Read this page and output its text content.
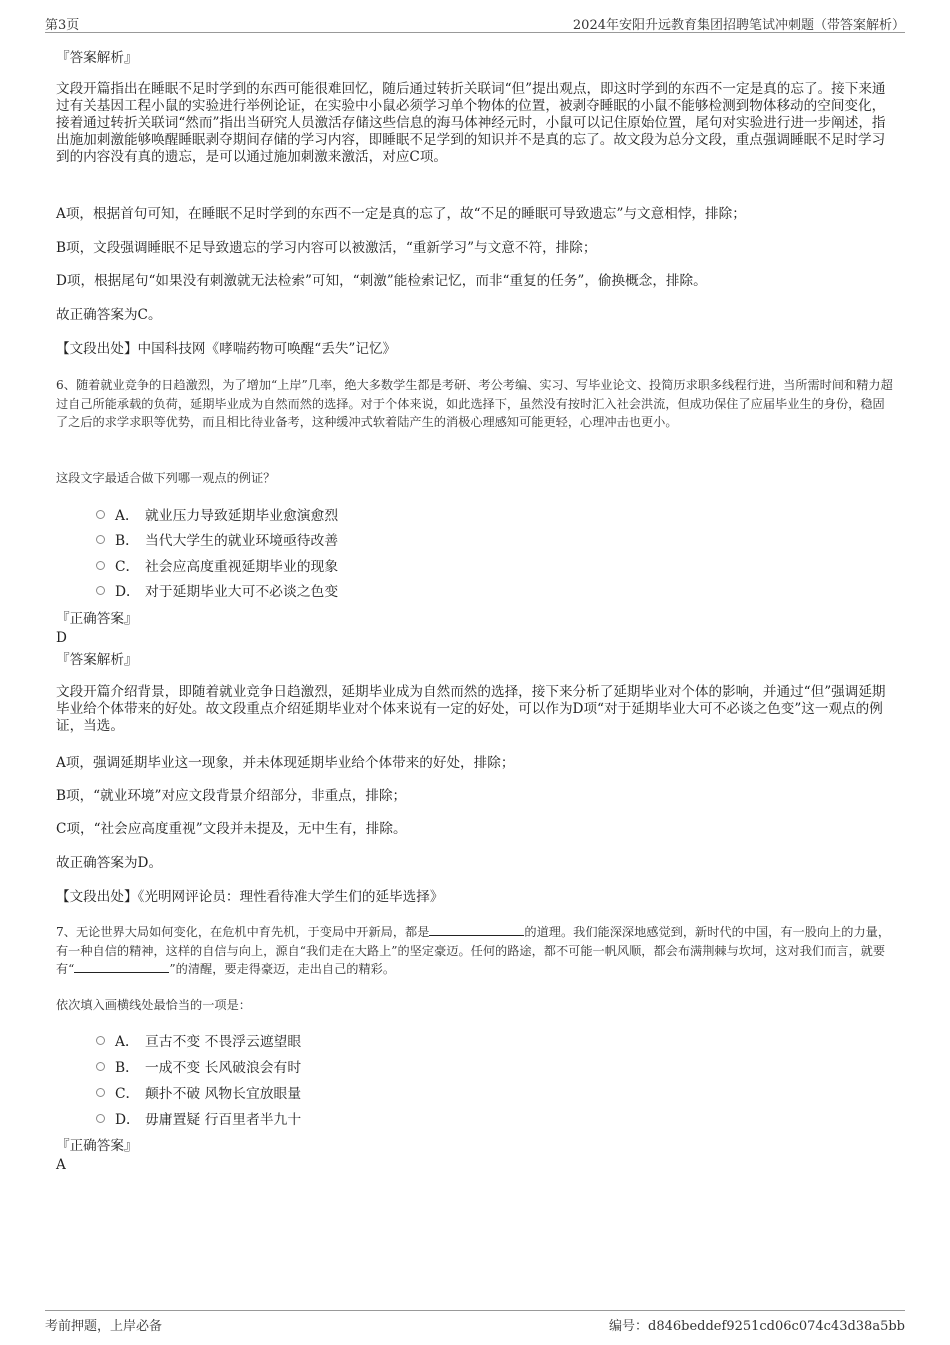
第3页	2024年安阳升远教育集团招聘笔试冲刺题（带答案解析）
『答案解析』
文段开篇指出在睡眠不足时学到的东西可能很难回忆，随后通过转折关联词“但”提出观点，即这时学到的东西不一定是真的忘了。接下来通过有关基因工程小鼠的实验进行举例论证，在实验中小鼠必须学习单个物体的位置，被剥夺睡眠的小鼠不能够检测到物体移动的空间变化，接着通过转折关联词“然而”指出当研究人员激活存储这些信息的海马体神经元时，小鼠可以记住原始位置，尾句对实验进行进一步阐述，指出施加刺激能够唤醒睡眠剥夺期间存储的学习内容，即睡眠不足学到的知识并不是真的忘了。故文段为总分文段，重点强调睡眠不足时学习到的内容没有真的遗忘，是可以通过施加刺激来激活，对应C项。
A项，根据首句可知，在睡眠不足时学到的东西不一定是真的忘了，故“不足的睡眠可导致遗忘”与文意相悖，排除；
B项，文段强调睡眠不足导致遗忘的学习内容可以被激活，“重新学习”与文意不符，排除；
D项，根据尾句“如果没有刺激就无法检索”可知，“刺激”能检索记忆，而非“重复的任务”，偷换概念，排除。
故正确答案为C。
【文段出处】中国科技网《哮喘药物可唤醒“丢失”记忆》
6、随着就业竞争的日趋激烈，为了增加“上岸”几率，绝大多数学生都是考研、考公考编、实习、写毕业论文、投简历求职多线程行进，当所需时间和精力超过自己所能承载的负荷，延期毕业成为自然而然的选择。对于个体来说，如此选择下，虽然没有按时汇入社会洪流，但成功保住了应届毕业生的身份，稳固了之后的求学求职等优势，而且相比待业备考，这种缓冲式软着陆产生的消极心理感知可能更轻，心理冲击也更小。
这段文字最适合做下列哪一观点的例证？
A． 就业压力导致延期毕业愈演愈烈
B． 当代大学生的就业环境亟待改善
C． 社会应高度重视延期毕业的现象
D． 对于延期毕业大可不必谈之色变
『正确答案』
D
『答案解析』
文段开篇介绍背景，即随着就业竞争日趋激烈，延期毕业成为自然而然的选择，接下来分析了延期毕业对个体的影响，并通过“但”强调延期毕业给个体带来的好处。故文段重点介绍延期毕业对个体来说有一定的好处，可以作为D项“对于延期毕业大可不必谈之色变”这一观点的例证，当选。
A项，强调延期毕业这一现象，并未体现延期毕业给个体带来的好处，排除；
B项，“就业环境”对应文段背景介绍部分，非重点，排除；
C项，“社会应高度重视”文段并未提及，无中生有，排除。
故正确答案为D。
【文段出处】《光明网评论员：理性看待准大学生们的延毕选择》
7、无论世界大局如何变化，在危机中育先机，于变局中开新局，都是	的道理。我们能深深地感觉到，新时代的中国，有一股向上的力量，有一种自信的精神，这样的自信与向上，源自“我们走在大路上”的坚定豪迈。任何的路途，都不可能一帆风顺，都会布满荆棘与坎坷，这对我们而言，就要有“	”的清醒，要走得豪迈，走出自己的精彩。
依次填入画横线处最恰当的一项是：
A． 亘古不变 不畏浮云遮望眼
B． 一成不变 长风破浪会有时
C． 颠扑不破 风物长宜放眼量
D． 毋庸置疑 行百里者半九十
『正确答案』
A
考前押题，上岸必备	编号：d846beddef9251cd06c074c43d38a5bb
